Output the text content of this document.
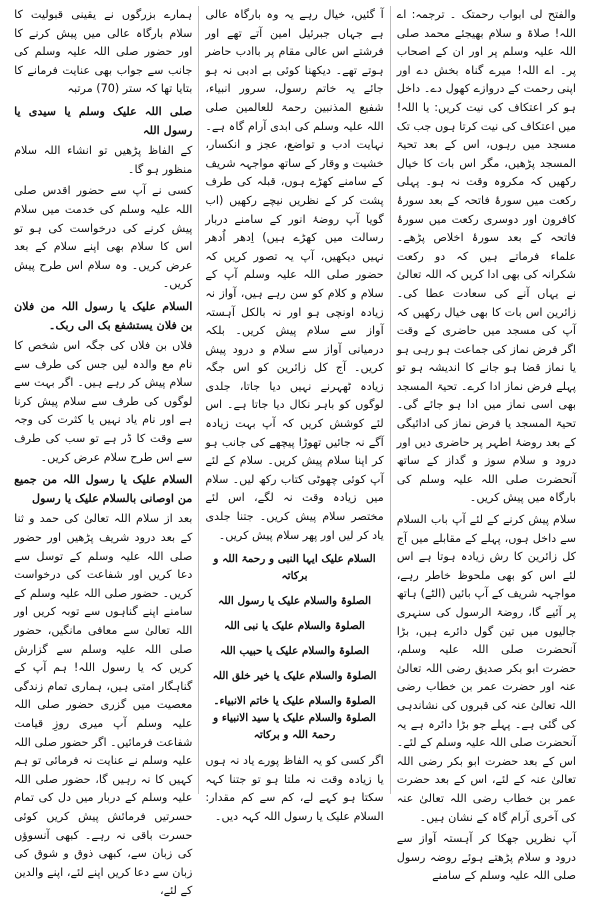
والفتح لی ابواب رحمتک ۔ ترجمہ: اے اللہ! صلاۃ و سلام بھیجئے محمد صلی اللہ علیہ وسلم پر اور ان کے اصحاب پر۔ اے اللہ! میرے گناہ بخش دے اور اپنی رحمت کے دروازے کھول دے۔ داخل ہو کر اعتکاف کی نیت کریں: یا اللہ! میں اعتکاف کی نیت کرتا ہوں جب تک مسجد میں رہوں، اس کے بعد تحیۃ المسجد پڑھیں، مگر اس بات کا خیال رکھیں کہ مکروہ وقت نہ ہو۔ پہلی رکعت میں سورۂ فاتحہ کے بعد سورۂ کافرون اور دوسری رکعت میں سورۂ فاتحہ کے بعد سورۂ اخلاص پڑھے۔ علماء فرماتے ہیں کہ دو رکعت شکرانہ کی بھی ادا کریں کہ اللہ تعالیٰ نے یہاں آنے کی سعادت عطا کی۔ زائرین اس بات کا بھی خیال رکھیں کہ آپ کی مسجد میں حاضری کے وقت اگر فرض نماز کی جماعت ہو رہی ہو یا نماز قضا ہو جانے کا اندیشہ ہو تو پہلے فرض نماز ادا کرے۔ تحیۃ المسجد بھی اسی نماز میں ادا ہو جائے گی۔ تحیۃ المسجد یا فرض نماز کی ادائیگی کے بعد روضۂ اطہر پر حاضری دیں اور درود و سلام سوز و گداز کے ساتھ آنحضرت صلی اللہ علیہ وسلم کی بارگاہ میں پیش کریں۔

سلام پیش کرنے کے لئے آپ باب السلام سے داخل ہوں، پہلے کے مقابلے میں آج کل زائرین کا رش زیادہ ہوتا ہے اس لئے اس کو بھی ملحوظ خاطر رہے، مواجہہ شریف کے آپ بائیں (الٹے) ہاتھ پر آئیے گا، روضۃ الرسول کی سنہری جالیوں میں تین گول دائرے ہیں، بڑا آنحضرت صلی اللہ علیہ وسلم، حضرت ابو بکر صدیق رضی اللہ تعالیٰ عنہ اور حضرت عمر بن خطاب رضی اللہ تعالیٰ عنہ کی قبروں کی نشاندہی کی گئی ہے۔ پہلے جو بڑا دائرہ ہے یہ آنحضرت صلی اللہ علیہ وسلم کے لئے۔ اس کے بعد حضرت ابو بکر رضی اللہ تعالیٰ عنہ کے لئے، اس کے بعد حضرت عمر بن خطاب رضی اللہ تعالیٰ عنہ کی آخری آرام گاہ کے نشان ہیں۔

آپ نظریں جھکا کر آہستہ آواز سے درود و سلام پڑھتے ہوئے روضہ رسول صلی اللہ علیہ وسلم کے سامنے

آ گئیں، خیال رہے یہ وہ بارگاہ عالی ہے جہاں جبرئیل امین آتے تھے اور فرشتے اس عالی مقام پر باادب حاضر ہوتے تھے۔ دیکھنا کوئی بے ادبی نہ ہو جائے یہ خاتم رسول، سرور انبیاء، شفیع المذنبین رحمۃ للعالمین صلی اللہ علیہ وسلم کی ابدی آرام گاہ ہے۔ نہایت ادب و تواضع، عجز و انکسار، خشیت و وقار کے ساتھ مواجہہ شریف کے سامنے کھڑے ہوں، قبلہ کی طرف پشت کر کے نظریں نیچے رکھیں (اب گویا آپ روضۂ انور کے سامنے دربار رسالت میں کھڑے ہیں) اِدھر اُدھر نہیں دیکھیں، آپ یہ تصور کریں کہ حضور صلی اللہ علیہ وسلم آپ کے سلام و کلام کو سن رہے ہیں، آواز نہ زیادہ اونچی ہو اور نہ بالکل آہستہ آواز سے سلام پیش کریں۔ بلکہ درمیانی آواز سے سلام و درود پیش کریں۔ آج کل زائرین کو اس جگہ زیادہ ٹھہرنے نہیں دیا جاتا، جلدی لوگوں کو باہر نکال دیا جاتا ہے۔ اس لئے کوشش کریں کہ آپ بہت زیادہ آگے نہ جائیں تھوڑا پیچھے کی جانب ہو کر اپنا سلام پیش کریں۔ سلام کے لئے آپ کوئی چھوٹی کتاب رکھ لیں۔ سلام میں زیادہ وقت نہ لگے، اس لئے مختصر سلام پیش کریں۔ جتنا جلدی یاد کر لیں اور پھر سلام پیش کریں۔

السلام علیک ایہا النبی و رحمۃ اللہ و برکاتہ

الصلوۃ والسلام علیک یا رسول اللہ

الصلوۃ والسلام علیک یا نبی اللہ

الصلوۃ والسلام علیک یا حبیب اللہ

الصلوۃ والسلام علیک یا خیر خلق اللہ

الصلوۃ والسلام علیک یا خاتم الانبیاء۔ الصلوۃ والسلام علیک یا سید الانبیاء و رحمۃ اللہ و برکاتہ

اگر کسی کو یہ الفاظ پورے یاد نہ ہوں یا زیادہ وقت نہ ملتا ہو تو جتنا کہہ سکتا ہو کہے لے، کم سے کم مقدار: السلام علیک یا رسول اللہ کہہ دیں۔

ہمارے بزرگوں نے یقینی قبولیت کا سلام بارگاہ عالی میں پیش کرنے کا اور حضور صلی اللہ علیہ وسلم کی جانب سے جواب بھی عنایت فرمانے کا بتایا تھا کہ ستر (70) مرتبہ

صلی اللہ علیک وسلم یا سیدی یا رسول اللہ

کے الفاظ پڑھیں تو انشاء اللہ سلام منظور ہو گا۔

کسی نے آپ سے حضور اقدس صلی اللہ علیہ وسلم کی خدمت میں سلام پیش کرنے کی درخواست کی ہو تو اس کا سلام بھی اپنے سلام کے بعد عرض کریں۔ وہ سلام اس طرح پیش کریں۔

السلام علیک یا رسول اللہ من فلان بن فلان یستشفع بک الی ربک۔

فلاں بن فلاں کی جگہ اس شخص کا نام مع والدہ لیں جس کی طرف سے سلام پیش کر رہے ہیں۔ اگر بہت سے لوگوں کی طرف سے سلام پیش کرنا ہے اور نام یاد نہیں یا کثرت کی وجہ سے وقت کا ڈر ہے تو سب کی طرف سے اس طرح سلام عرض کریں۔

السلام علیک یا رسول اللہ من جمیع من اوصانی بالسلام علیک یا رسول

بعد از سلام اللہ تعالیٰ کی حمد و ثنا کے بعد درود شریف پڑھیں اور حضور صلی اللہ علیہ وسلم کے توسل سے دعا کریں اور شفاعت کی درخواست کریں۔ حضور صلی اللہ علیہ وسلم کے سامنے اپنے گناہوں سے توبہ کریں اور اللہ تعالیٰ سے معافی مانگیں، حضور صلی اللہ علیہ وسلم سے گزارش کریں کہ یا رسول اللہ! ہم آپ کے گناہگار امتی ہیں، ہماری تمام زندگی معصیت میں گزری حضور صلی اللہ علیہ وسلم آپ میری روزِ قیامت شفاعت فرمائیں۔ اگر حضور صلی اللہ علیہ وسلم نے عنایت نہ فرمائی تو ہم کہیں کا نہ رہیں گا، حضور صلی اللہ علیہ وسلم کے دربار میں دل کی تمام حسرتیں فرمائش پیش کریں کوئی حسرت باقی نہ رہے۔ کبھی آنسوؤں کی زبان سے، کبھی ذوق و شوق کی زبان سے دعا کریں اپنے لئے، اپنے والدین کے لئے،
